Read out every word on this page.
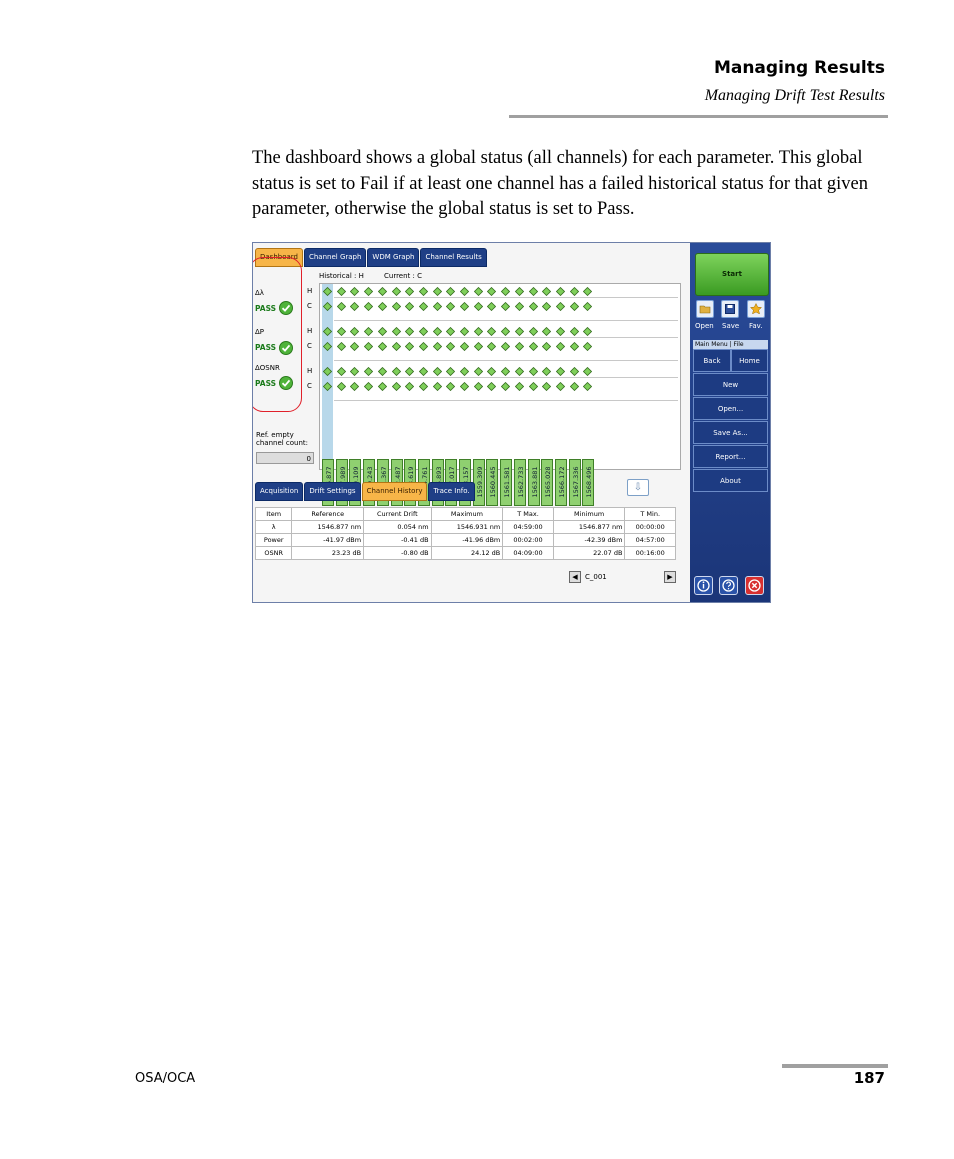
Managing Results
Managing Drift Test Results
The dashboard shows a global status (all channels) for each parameter. This global status is set to Fail if at least one channel has a failed historical status for that given parameter, otherwise the global status is set to Pass.
Dashboard	Channel Graph	WDM Graph	Channel Results
Historical : H	Current : C
Δλ
PASS
ΔP
PASS
ΔOSNR
PASS
1559.309 1560.445 1561.581 1562.733 1563.881 1565.028 1566.172 1567.336 1568.496
H
C
H
C
H
C
Ref. empty channel count:
0
Acquisition	Drift Settings	Channel History	Trace Info.	⇩
Item	Reference	Current Drift	Maximum	T Max.	Minimum	T Min.
λ	1546.877 nm	0.054 nm	1546.931 nm	04:59:00	1546.877 nm	00:00:00
Power	-41.97 dBm	-0.41 dB	-41.96 dBm	00:02:00	-42.39 dBm	04:57:00
OSNR	23.23 dB	-0.80 dB	24.12 dB	04:09:00	22.07 dB	00:16:00
◀	C_001	▶
Start
Open Save Fav.
Main Menu | File
Back	Home
New
Open...
Save As...
Report...
About
OSA/OCA	187
